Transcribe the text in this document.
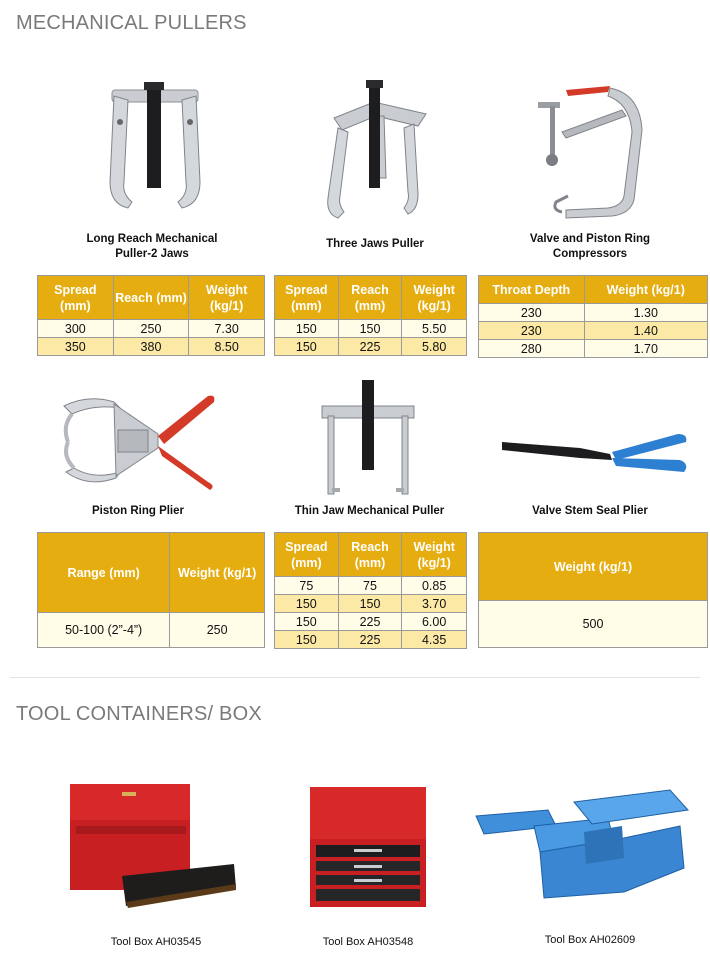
MECHANICAL PULLERS
Long Reach Mechanical Puller-2 Jaws
Three Jaws Puller	Valve and Piston Ring Compressors
Spread (mm)	Reach (mm)	Weight (kg/1)
300	250	7.30
350	380	8.50
Spread (mm)	Reach (mm)	Weight (kg/1)
150	150	5.50
150	225	5.80
Throat Depth	Weight (kg/1)
230	1.30
230	1.40
280	1.70
Piston Ring Plier	Thin Jaw Mechanical Puller	Valve Stem Seal Plier
Range (mm)	Weight (kg/1)
50-100 (2”-4”)	250
Spread (mm)	Reach (mm)	Weight (kg/1)
75	75	0.85
150	150	3.70
150	225	6.00
150	225	4.35
Weight (kg/1)
500
TOOL CONTAINERS/ BOX
Tool Box AH03545	Tool Box AH03548	Tool Box AH02609
